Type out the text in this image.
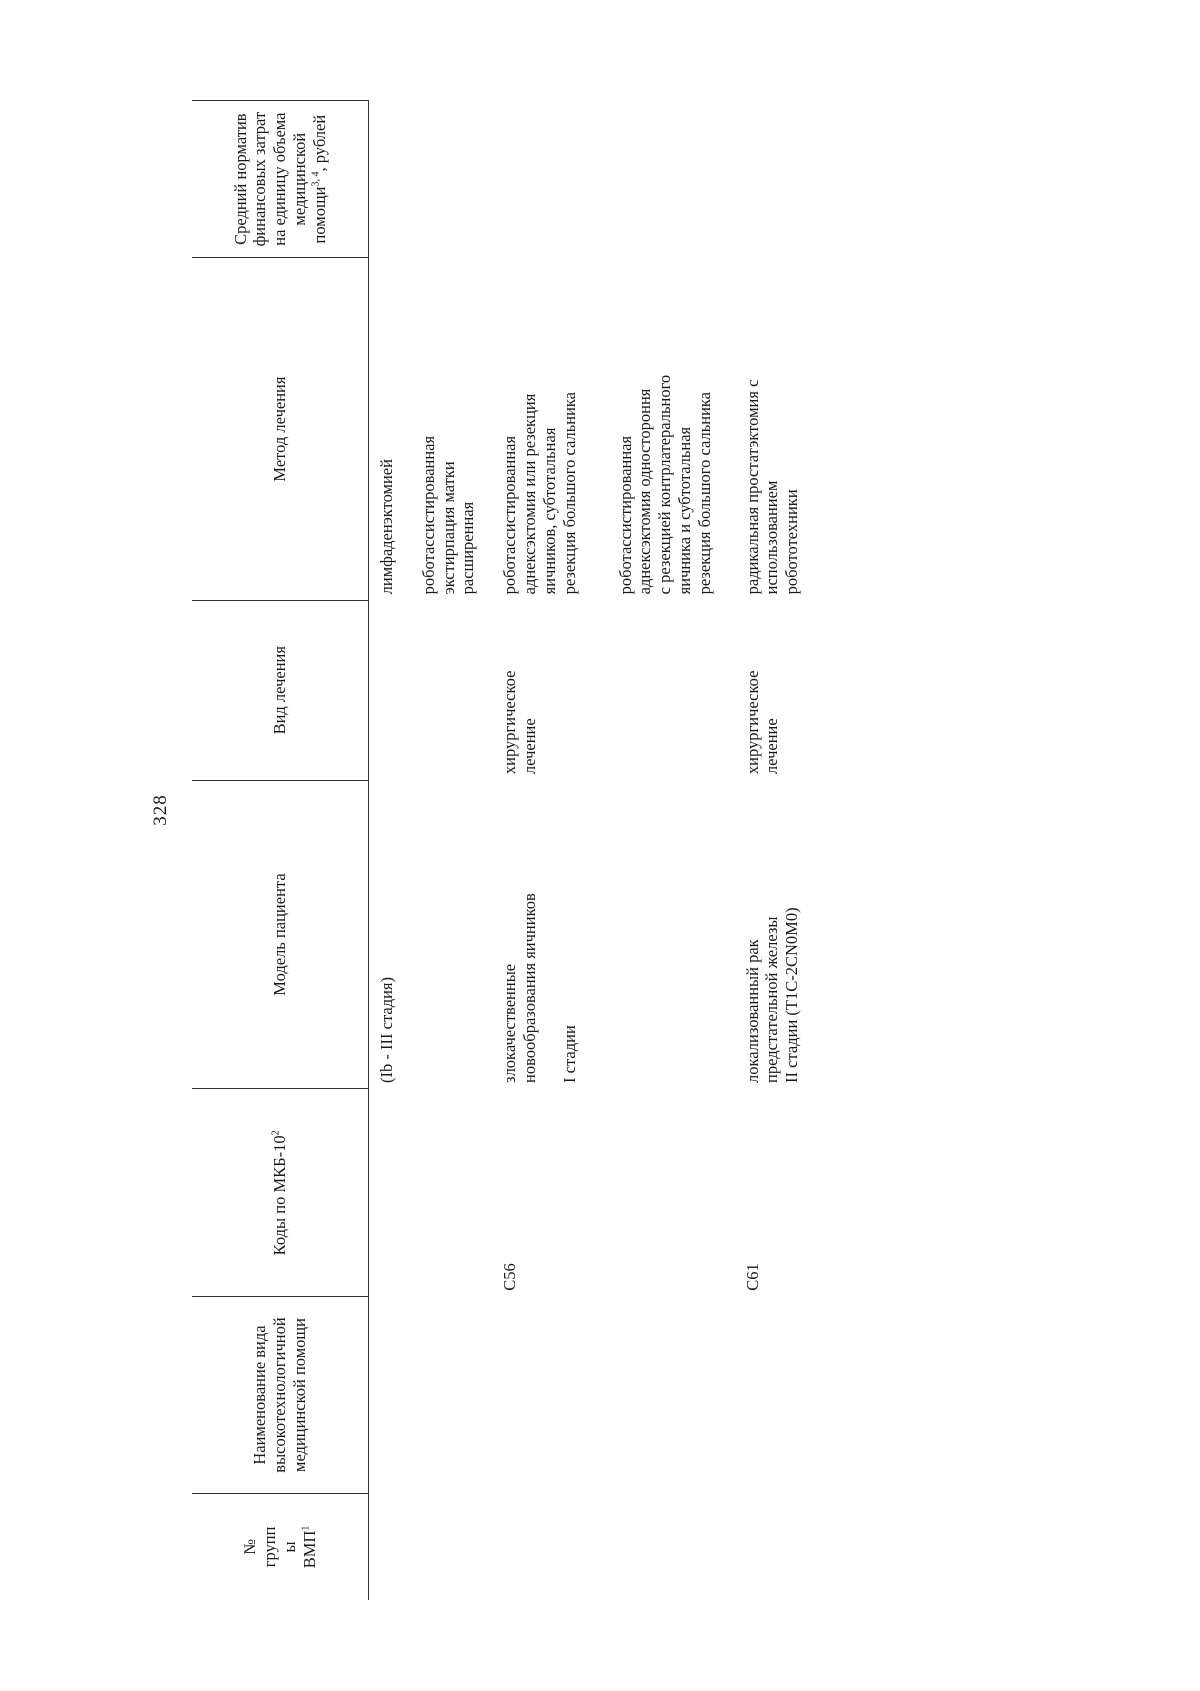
328
№ групп ы ВМП$^1$	Наименование вида высокотехнологичной медицинской помощи	Коды по МКБ-$10^2$	Модель пациента	Вид лечения	Метод лечения	Средний норматив финансовых затрат на единицу объема медицинской помощи$^{3, 4}$, рублей

			(Ib - III стадия)		лимфаденэктомией	

					роботассистированная экстирпация матки расширенная	

		C56	злокачественные новообразования яичников I стадии	хирургическое лечение	роботассистированная аднексэктомия или резекция яичников, субтотальная резекция большого сальника	

					роботассистированная аднексэктомия одностороння с резекцией контрлатерального яичника и субтотальная резекция большого сальника	

		C61	локализованный рак предстательной железы II стадии (T1C-2CN0M0)	хирургическое лечение	радикальная простатэктомия с использованием робототехники	
